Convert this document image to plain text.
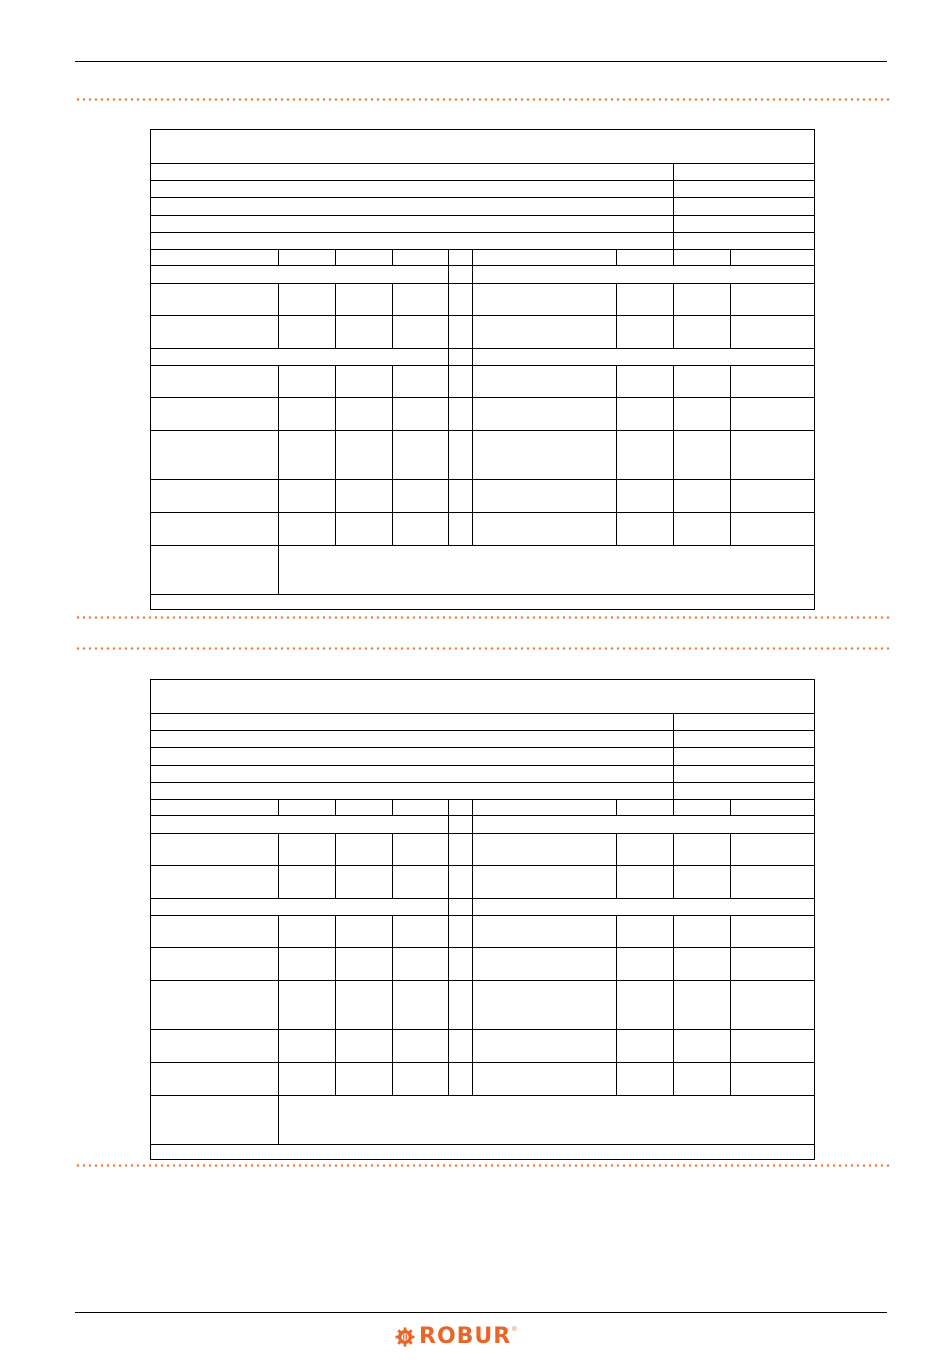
ROBUR ®
